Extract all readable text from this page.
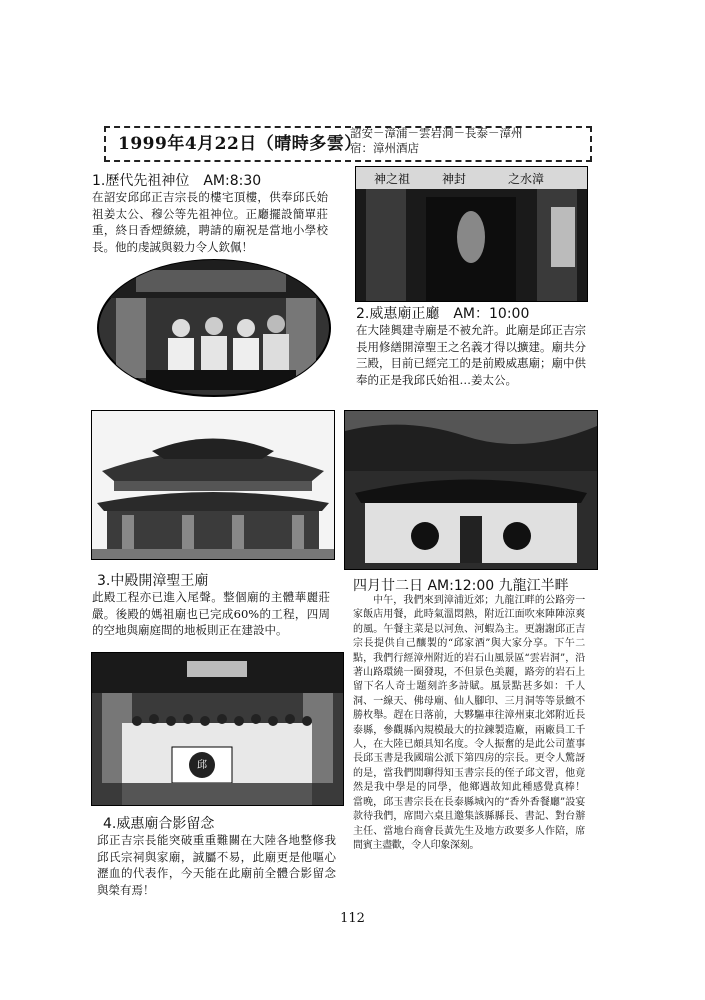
1999年4月22日（晴時多雲）
詔安－漳浦－雲岩洞－長泰－漳州
宿：漳州酒店
1.歷代先祖神位　AM:8:30
在詔安邱邱正吉宗長的樓宅頂樓，供奉邱氏始祖姜太公、穆公等先祖神位。正廳擺設簡單莊重，終日香煙繚繞，聘請的廟祝是當地小學校長。他的虔誠與毅力令人欽佩！
神之祖	神封	之水漳
2.威惠廟正廳　AM：10:00
在大陸興建寺廟是不被允許。此廟是邱正吉宗長用修繕開漳聖王之名義才得以擴建。廟共分三殿，目前已經完工的是前殿威惠廟；廟中供奉的正是我邱氏始祖…姜太公。
3.中殿開漳聖王廟
此殿工程亦已進入尾聲。整個廟的主體華麗莊嚴。後殿的媽祖廟也已完成60%的工程，四周的空地與廟庭間的地板則正在建設中。
四月廿二日 AM:12:00 九龍江半畔
中午，我們來到漳浦近郊；九龍江畔的公路旁一家飯店用餐，此時氣溫悶熱，附近江面吹來陣陣涼爽的風。午餐主菜是以河魚、河蝦為主。更謝謝邱正吉宗長提供自己釀製的“邱家酒”與大家分享。下午二點，我們行經漳州附近的岩石山風景區“雲岩洞”，沿著山路環繞一圈發現，不但景色美麗，路旁的岩石上留下名人奇士題刻許多詩賦。風景點甚多如：千人洞、一線天、佛母廟、仙人腳印、三月洞等等景緻不勝枚舉。趕在日落前，大夥驅車往漳州東北郊附近長泰縣，參觀縣內規模最大的拉鍊製造廠，兩廠員工千人，在大陸已頗具知名度。令人振奮的是此公司董事長邱玉書是我國瑞公派下第四房的宗長。更令人驚訝的是，當我們閒聊得知玉書宗長的侄子邱文習，他竟然是我中學是的同學，他鄉遇故知此種感覺真棒！　當晚，邱玉書宗長在長泰縣城內的“香外香餐廳”設宴款待我們，席間六桌且邀集該縣縣長、書記、對台辦主任、當地台商會長黃先生及地方政要多人作陪，席間賓主盡歡，令人印象深刻。
邱
4.威惠廟合影留念
邱正吉宗長能突破重重難關在大陸各地整修我邱氏宗祠與家廟，誠屬不易，此廟更是他嘔心瀝血的代表作，今天能在此廟前全體合影留念與榮有焉！
112
